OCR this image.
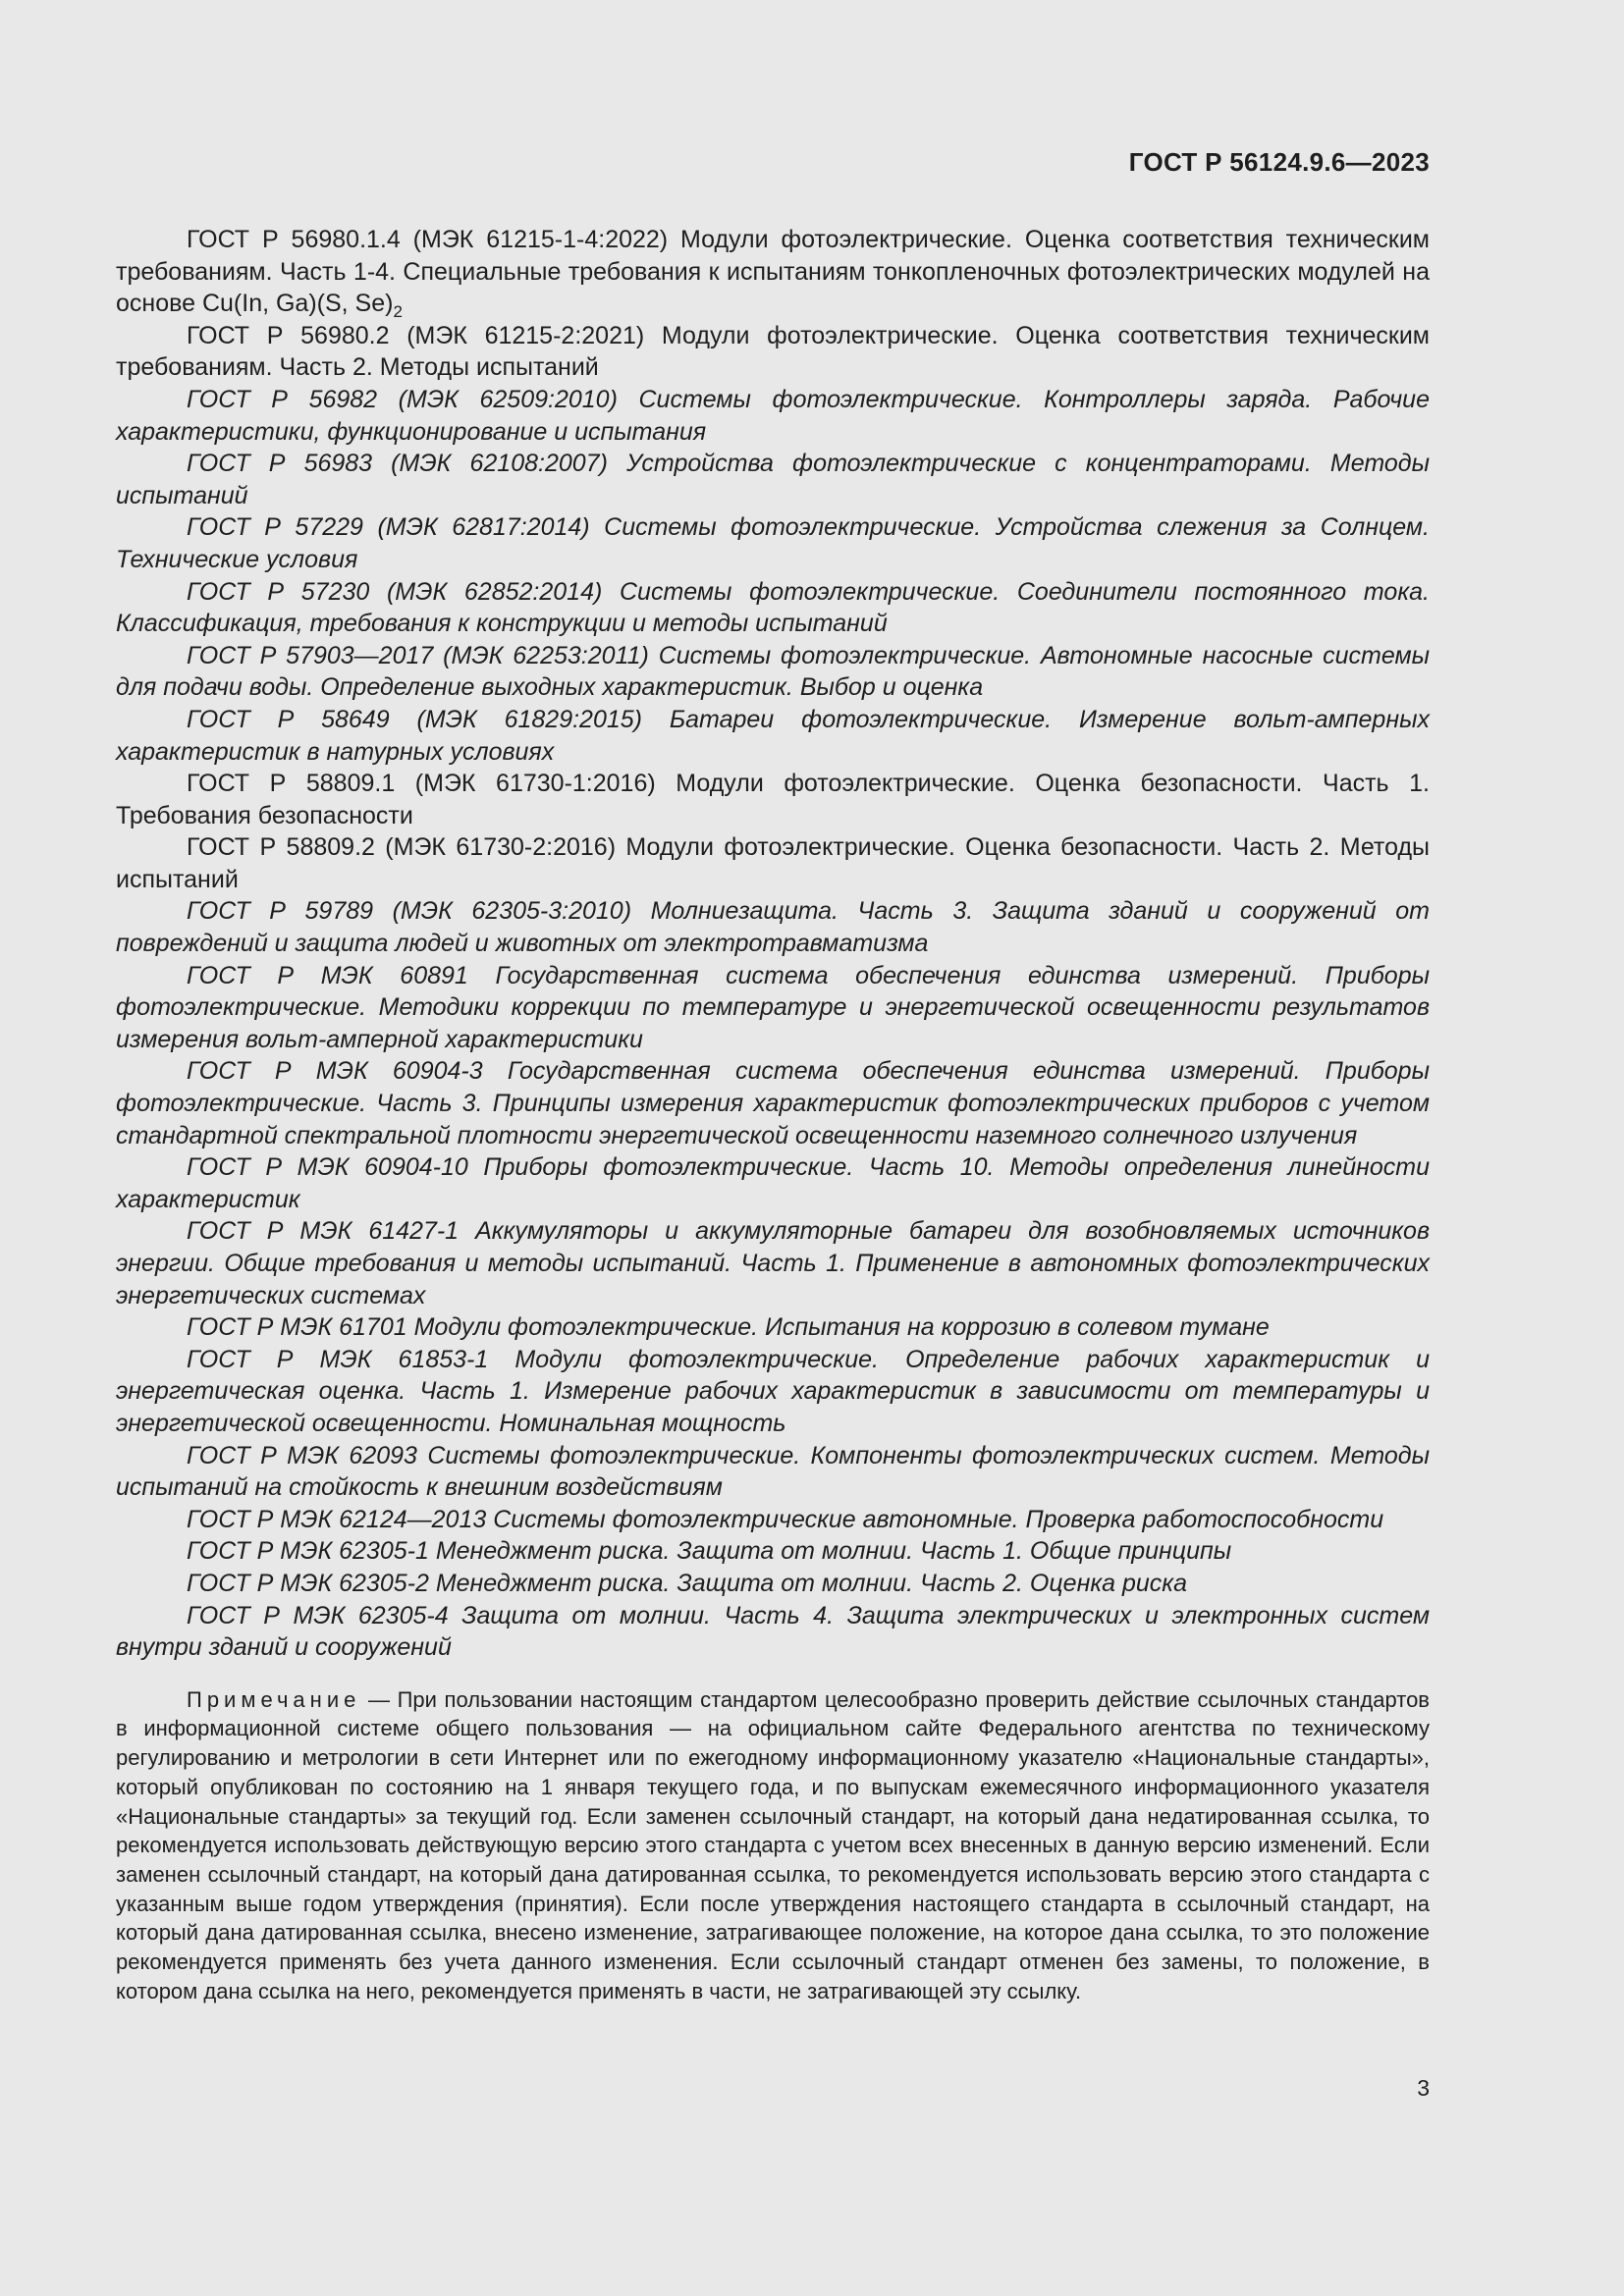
ГОСТ Р 56124.9.6—2023

ГОСТ Р 56980.1.4 (МЭК 61215-1-4:2022) Модули фотоэлектрические. Оценка соответствия техническим требованиям. Часть 1-4. Специальные требования к испытаниям тонкопленочных фотоэлектрических модулей на основе Cu(In, Ga)(S, $Se)_2$

ГОСТ Р 56980.2 (МЭК 61215-2:2021) Модули фотоэлектрические. Оценка соответствия техническим требованиям. Часть 2. Методы испытаний

ГОСТ Р 56982 (МЭК 62509:2010) Системы фотоэлектрические. Контроллеры заряда. Рабочие характеристики, функционирование и испытания

ГОСТ Р 56983 (МЭК 62108:2007) Устройства фотоэлектрические с концентраторами. Методы испытаний

ГОСТ Р 57229 (МЭК 62817:2014) Системы фотоэлектрические. Устройства слежения за Солнцем. Технические условия

ГОСТ Р 57230 (МЭК 62852:2014) Системы фотоэлектрические. Соединители постоянного тока. Классификация, требования к конструкции и методы испытаний

ГОСТ Р 57903—2017 (МЭК 62253:2011) Системы фотоэлектрические. Автономные насосные системы для подачи воды. Определение выходных характеристик. Выбор и оценка

ГОСТ Р 58649 (МЭК 61829:2015) Батареи фотоэлектрические. Измерение вольт-амперных характеристик в натурных условиях

ГОСТ Р 58809.1 (МЭК 61730-1:2016) Модули фотоэлектрические. Оценка безопасности. Часть 1. Требования безопасности

ГОСТ Р 58809.2 (МЭК 61730-2:2016) Модули фотоэлектрические. Оценка безопасности. Часть 2. Методы испытаний

ГОСТ Р 59789 (МЭК 62305-3:2010) Молниезащита. Часть 3. Защита зданий и сооружений от повреждений и защита людей и животных от электротравматизма

ГОСТ Р МЭК 60891 Государственная система обеспечения единства измерений. Приборы фотоэлектрические. Методики коррекции по температуре и энергетической освещенности результатов измерения вольт-амперной характеристики

ГОСТ Р МЭК 60904-3 Государственная система обеспечения единства измерений. Приборы фотоэлектрические. Часть 3. Принципы измерения характеристик фотоэлектрических приборов с учетом стандартной спектральной плотности энергетической освещенности наземного солнечного излучения

ГОСТ Р МЭК 60904-10 Приборы фотоэлектрические. Часть 10. Методы определения линейности характеристик

ГОСТ Р МЭК 61427-1 Аккумуляторы и аккумуляторные батареи для возобновляемых источников энергии. Общие требования и методы испытаний. Часть 1. Применение в автономных фотоэлектрических энергетических системах

ГОСТ Р МЭК 61701 Модули фотоэлектрические. Испытания на коррозию в солевом тумане

ГОСТ Р МЭК 61853-1 Модули фотоэлектрические. Определение рабочих характеристик и энергетическая оценка. Часть 1. Измерение рабочих характеристик в зависимости от температуры и энергетической освещенности. Номинальная мощность

ГОСТ Р МЭК 62093 Системы фотоэлектрические. Компоненты фотоэлектрических систем. Методы испытаний на стойкость к внешним воздействиям

ГОСТ Р МЭК 62124—2013 Системы фотоэлектрические автономные. Проверка работоспособности

ГОСТ Р МЭК 62305-1 Менеджмент риска. Защита от молнии. Часть 1. Общие принципы

ГОСТ Р МЭК 62305-2 Менеджмент риска. Защита от молнии. Часть 2. Оценка риска

ГОСТ Р МЭК 62305-4 Защита от молнии. Часть 4. Защита электрических и электронных систем внутри зданий и сооружений

Примечание — При пользовании настоящим стандартом целесообразно проверить действие ссылочных стандартов в информационной системе общего пользования — на официальном сайте Федерального агентства по техническому регулированию и метрологии в сети Интернет или по ежегодному информационному указателю «Национальные стандарты», который опубликован по состоянию на 1 января текущего года, и по выпускам ежемесячного информационного указателя «Национальные стандарты» за текущий год. Если заменен ссылочный стандарт, на который дана недатированная ссылка, то рекомендуется использовать действующую версию этого стандарта с учетом всех внесенных в данную версию изменений. Если заменен ссылочный стандарт, на который дана датированная ссылка, то рекомендуется использовать версию этого стандарта с указанным выше годом утверждения (принятия). Если после утверждения настоящего стандарта в ссылочный стандарт, на который дана датированная ссылка, внесено изменение, затрагивающее положение, на которое дана ссылка, то это положение рекомендуется применять без учета данного изменения. Если ссылочный стандарт отменен без замены, то положение, в котором дана ссылка на него, рекомендуется применять в части, не затрагивающей эту ссылку.

3
